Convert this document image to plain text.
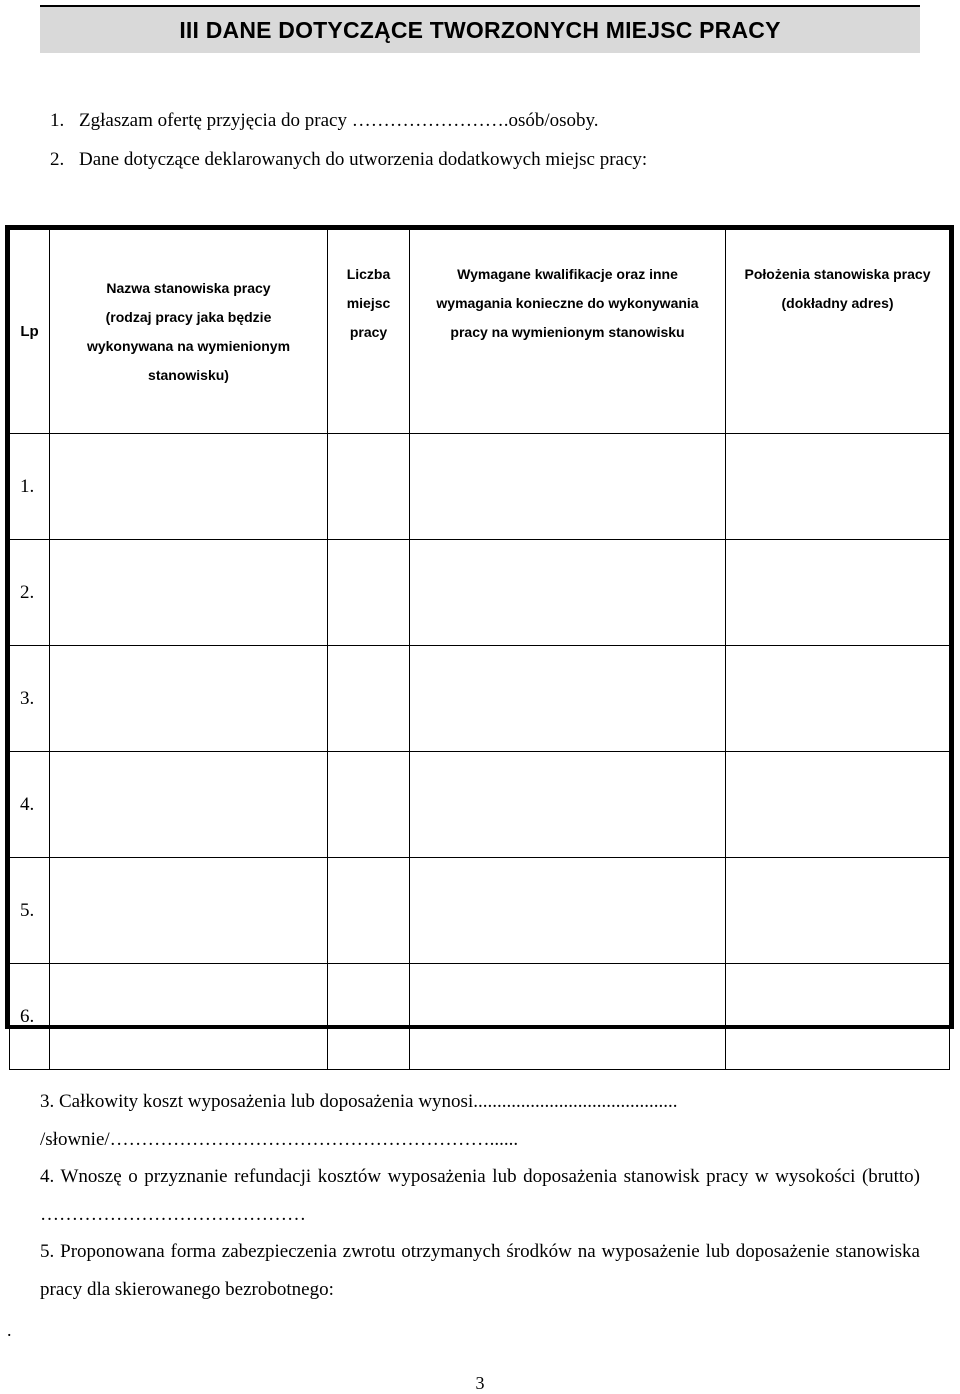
III DANE DOTYCZĄCE TWORZONYCH MIEJSC PRACY
1. Zgłaszam ofertę przyjęcia do pracy …………………….osób/osoby.
2. Dane dotyczące deklarowanych do utworzenia dodatkowych miejsc pracy:
Lp	Nazwa stanowiska pracy
(rodzaj pracy jaka będzie
wykonywana na wymienionym
stanowisku)	Liczba
miejsc
pracy	Wymagane kwalifikacje oraz inne
wymagania konieczne do wykonywania
pracy na wymienionym stanowisku	Położenia stanowiska pracy
(dokładny adres)

1.				
2.				
3.				
4.				
5.				
6.				
3. Całkowity koszt wyposażenia lub doposażenia wynosi...........................................
/słownie/……………………………………………………......
4. Wnoszę o przyznanie refundacji kosztów wyposażenia lub doposażenia stanowisk pracy w wysokości (brutto) ……………………………………
5. Proponowana forma zabezpieczenia zwrotu otrzymanych środków na wyposażenie lub doposażenie stanowiska pracy dla skierowanego bezrobotnego:
.
3
